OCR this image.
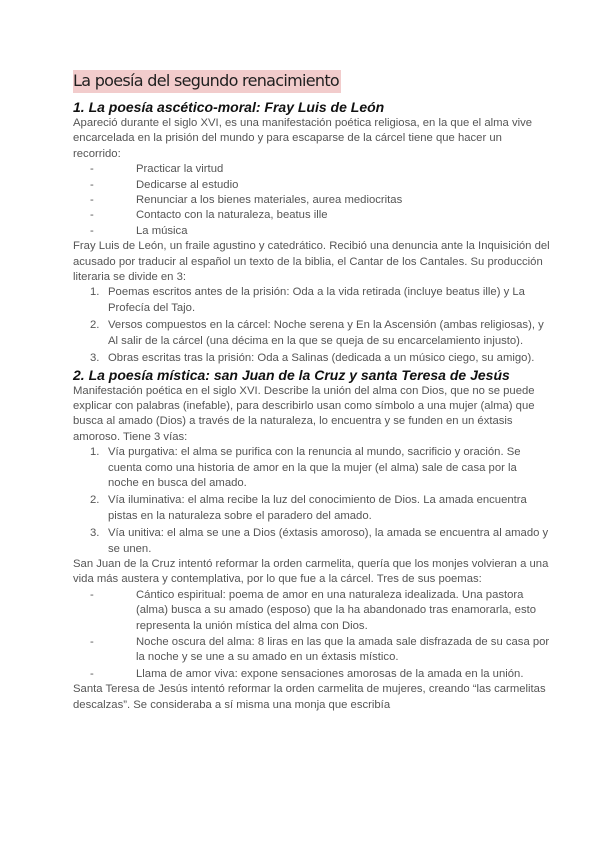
La poesía del segundo renacimiento
1. La poesía ascético-moral: Fray Luis de León

Apareció durante el siglo XVI, es una manifestación poética religiosa, en la que el alma vive encarcelada en la prisión del mundo y para escaparse de la cárcel tiene que hacer un recorrido:

- Practicar la virtud
- Dedicarse al estudio
- Renunciar a los bienes materiales, aurea mediocritas
- Contacto con la naturaleza, beatus ille
- La música

Fray Luis de León, un fraile agustino y catedrático. Recibió una denuncia ante la Inquisición del acusado por traducir al español un texto de la biblia, el Cantar de los Cantales. Su producción literaria se divide en 3:

1. Poemas escritos antes de la prisión: Oda a la vida retirada (incluye beatus ille) y La Profecía del Tajo.
2. Versos compuestos en la cárcel: Noche serena y En la Ascensión (ambas religiosas), y Al salir de la cárcel (una décima en la que se queja de su encarcelamiento injusto).
3. Obras escritas tras la prisión: Oda a Salinas (dedicada a un músico ciego, su amigo).
2. La poesía mística: san Juan de la Cruz y santa Teresa de Jesús

Manifestación poética en el siglo XVI. Describe la unión del alma con Dios, que no se puede explicar con palabras (inefable), para describirlo usan como símbolo a una mujer (alma) que busca al amado (Dios) a través de la naturaleza, lo encuentra y se funden en un éxtasis amoroso. Tiene 3 vías:

1. Vía purgativa: el alma se purifica con la renuncia al mundo, sacrificio y oración. Se cuenta como una historia de amor en la que la mujer (el alma) sale de casa por la noche en busca del amado.
2. Vía iluminativa: el alma recibe la luz del conocimiento de Dios. La amada encuentra pistas en la naturaleza sobre el paradero del amado.
3. Vía unitiva: el alma se une a Dios (éxtasis amoroso), la amada se encuentra al amado y se unen.

San Juan de la Cruz intentó reformar la orden carmelita, quería que los monjes volvieran a una vida más austera y contemplativa, por lo que fue a la cárcel. Tres de sus poemas:

- Cántico espiritual: poema de amor en una naturaleza idealizada. Una pastora (alma) busca a su amado (esposo) que la ha abandonado tras enamorarla, esto representa la unión mística del alma con Dios.
- Noche oscura del alma: 8 liras en las que la amada sale disfrazada de su casa por la noche y se une a su amado en un éxtasis místico.
- Llama de amor viva: expone sensaciones amorosas de la amada en la unión.

Santa Teresa de Jesús intentó reformar la orden carmelita de mujeres, creando “las carmelitas descalzas”. Se consideraba a sí misma una monja que escribía
